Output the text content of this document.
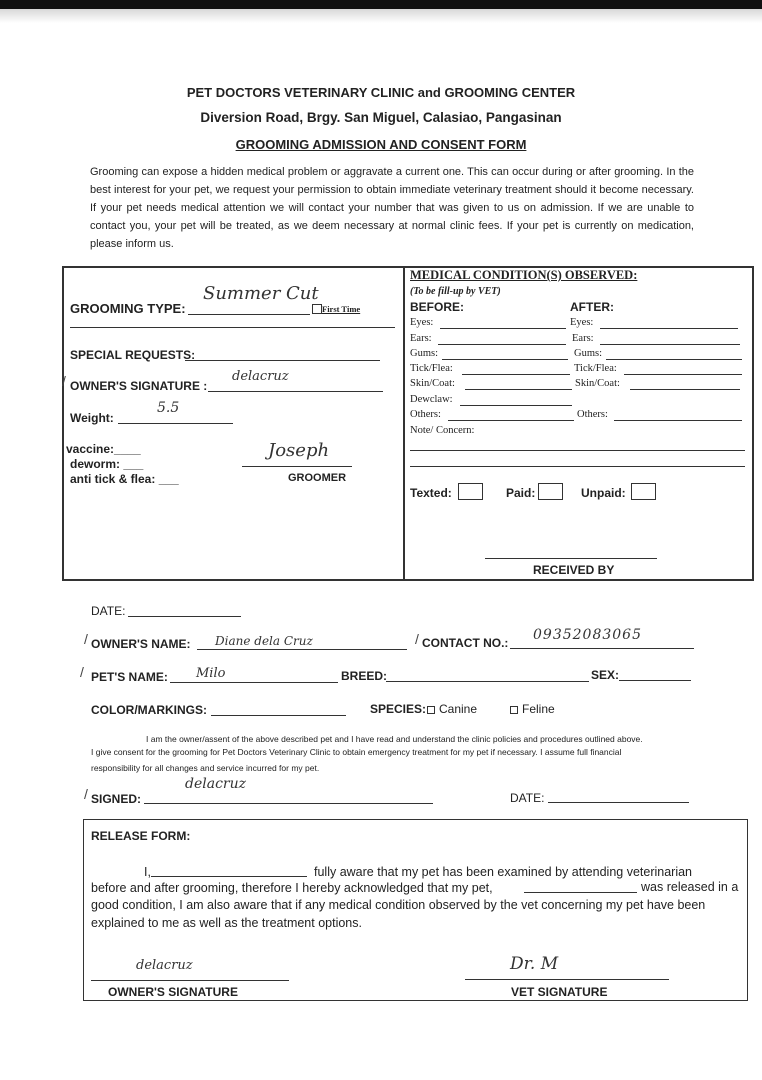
PET DOCTORS VETERINARY CLINIC and GROOMING CENTER
Diversion Road, Brgy. San Miguel, Calasiao, Pangasinan
GROOMING ADMISSION AND CONSENT FORM
Grooming can expose a hidden medical problem or aggravate a current one. This can occur during or after grooming. In the best interest for your pet, we request your permission to obtain immediate veterinary treatment should it become necessary. If your pet needs medical attention we will contact your number that was given to us on admission. If we are unable to contact you, your pet will be treated, as we deem necessary at normal clinic fees. If your pet is currently on medication, please inform us.
GROOMING TYPE:
Summer Cut
First Time
SPECIAL REQUESTS:
/ OWNER'S SIGNATURE :
delacruz
Weight:
5.5
vaccine:____
deworm: ___
anti tick & flea: ___
Joseph
GROOMER
MEDICAL CONDITION(S) OBSERVED:
(To be fill-up by VET)
BEFORE:	AFTER:
Eyes:	Eyes:
Ears:	Ears:
Gums:	Gums:
Tick/Flea:	Tick/Flea:
Skin/Coat:	Skin/Coat:
Dewclaw:
Others:	Others:
Note/ Concern:
Texted:	Paid:	Unpaid:
RECEIVED BY
DATE:
/ OWNER'S NAME: Diane dela Cruz	/ CONTACT NO.: 09352083065
/ PET'S NAME: Milo	BREED:	SEX:
COLOR/MARKINGS:	SPECIES: Canine	Feline
I am the owner/assent of the above described pet and I have read and understand the clinic policies and procedures outlined above.
I give consent for the grooming for Pet Doctors Veterinary Clinic to obtain emergency treatment for my pet if necessary. I assume full financial
responsibility for all changes and service incurred for my pet.
/ SIGNED:
delacruz
DATE:
RELEASE FORM:
I,	fully aware that my pet has been examined by attending veterinarian
before and after grooming, therefore I hereby acknowledged that my pet,	was released in a
good condition, I am also aware that if any medical condition observed by the vet concerning my pet have been
explained to me as well as the treatment options.
delacruz
OWNER'S SIGNATURE
Dr. M
VET SIGNATURE
